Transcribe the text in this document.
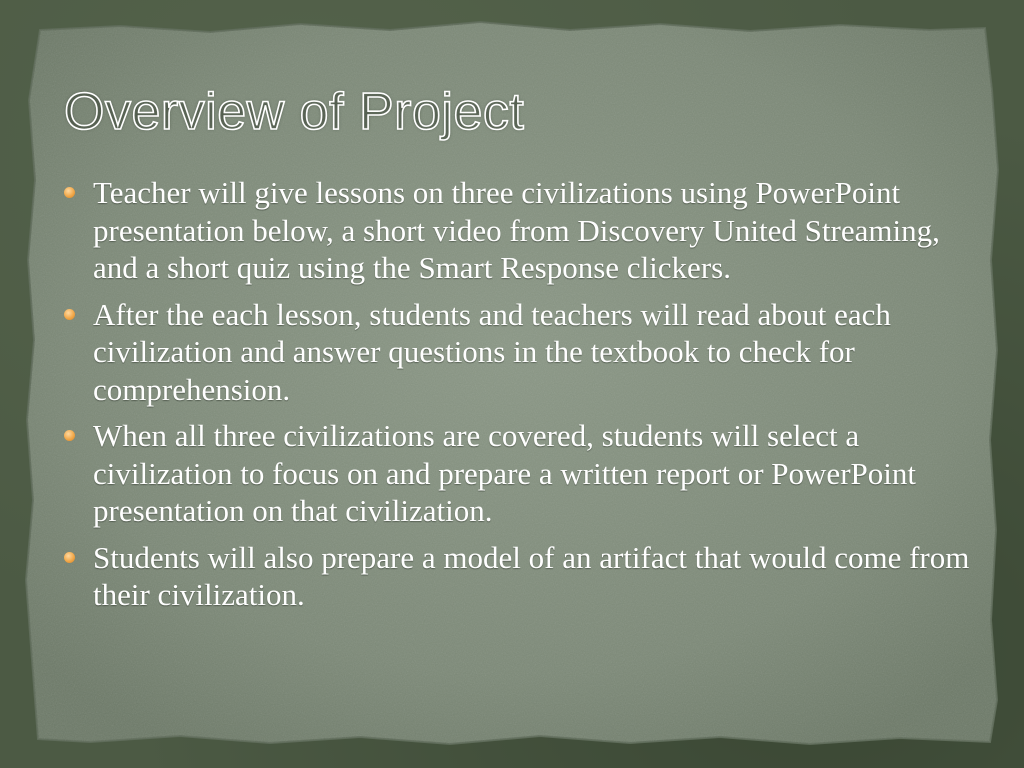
Overview of Project
Teacher will give lessons on three civilizations using PowerPoint presentation below, a short video from Discovery United Streaming, and a short quiz using the Smart Response clickers.
After the each lesson, students and teachers will read about each civilization and answer questions in the textbook to check for comprehension.
When all three civilizations are covered, students will select a civilization to focus on and prepare a written report or PowerPoint presentation on that civilization.
Students will also prepare a model of an artifact that would come from their civilization.
